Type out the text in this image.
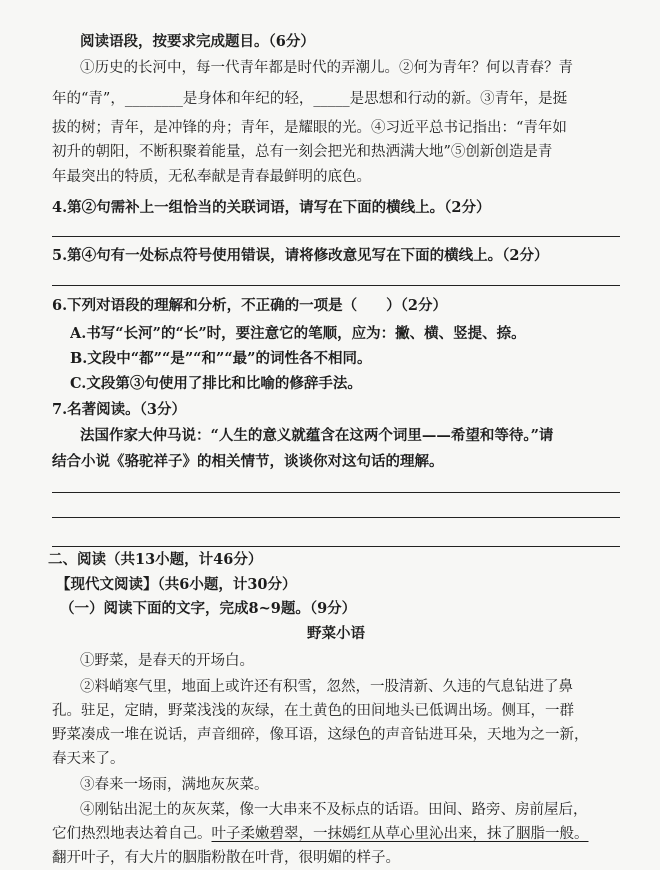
阅读语段，按要求完成题目。（6分）
①历史的长河中，每一代青年都是时代的弄潮儿。②何为青年？何以青春？青
年的“青”，________是身体和年纪的轻，_____是思想和行动的新。③青年，是挺
拔的树；青年，是冲锋的舟；青年，是耀眼的光。④习近平总书记指出：“青年如
初升的朝阳，不断积聚着能量，总有一刻会把光和热洒满大地”⑤创新创造是青
年最突出的特质，无私奉献是青春最鲜明的底色。
4.第②句需补上一组恰当的关联词语，请写在下面的横线上。（2分）
5.第④句有一处标点符号使用错误，请将修改意见写在下面的横线上。（2分）
6.下列对语段的理解和分析，不正确的一项是（　　）（2分）
A.书写“长河”的“长”时，要注意它的笔顺，应为：撇、横、竖提、捺。
B.文段中“都”“是”“和”“最”的词性各不相同。
C.文段第③句使用了排比和比喻的修辞手法。
7.名著阅读。（3分）
法国作家大仲马说：“人生的意义就蕴含在这两个词里——希望和等待。”请
结合小说《骆驼祥子》的相关情节，谈谈你对这句话的理解。
二、阅读（共13小题，计46分）
【现代文阅读】（共6小题，计30分）
（一）阅读下面的文字，完成8~9题。（9分）
野菜小语
①野菜，是春天的开场白。
②料峭寒气里，地面上或许还有积雪，忽然，一股清新、久违的气息钻进了鼻
孔。驻足，定睛，野菜浅浅的灰绿，在土黄色的田间地头已低调出场。侧耳，一群
野菜凑成一堆在说话，声音细碎，像耳语，这绿色的声音钻进耳朵，天地为之一新，
春天来了。
③春来一场雨，满地灰灰菜。
④刚钻出泥土的灰灰菜，像一大串来不及标点的话语。田间、路旁、房前屋后，
它们热烈地表达着自己。叶子柔嫩碧翠，一抹嫣红从草心里沁出来，抹了胭脂一般。
翻开叶子，有大片的胭脂粉散在叶背，很明媚的样子。
